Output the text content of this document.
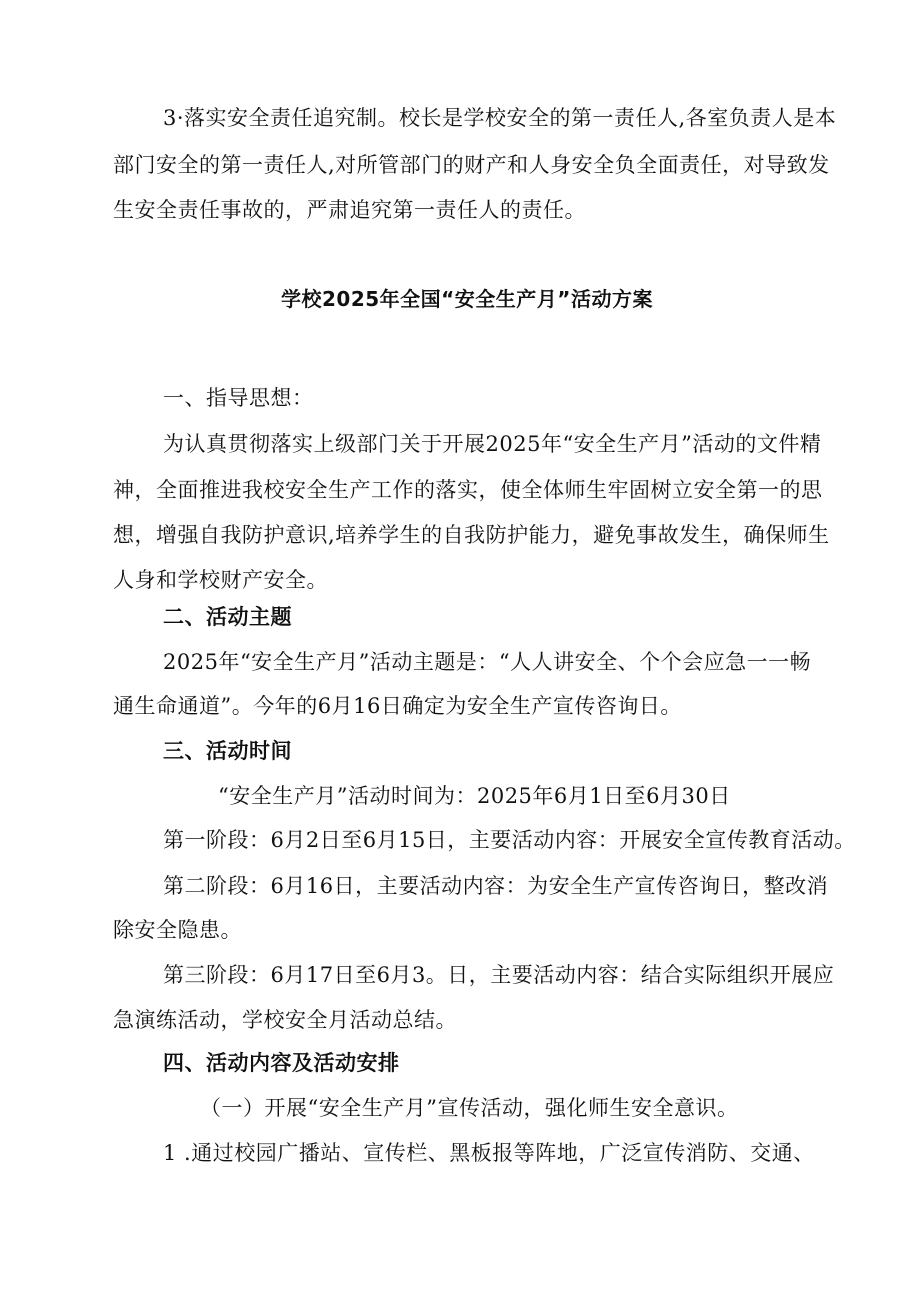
3·落实安全责任追究制。校长是学校安全的第一责任人,各室负责人是本
部门安全的第一责任人,对所管部门的财产和人身安全负全面责任，对导致发
生安全责任事故的，严肃追究第一责任人的责任。
学校2025年全国“安全生产月”活动方案
一、指导思想：
为认真贯彻落实上级部门关于开展2025年“安全生产月”活动的文件精
神，全面推进我校安全生产工作的落实，使全体师生牢固树立安全第一的思
想，增强自我防护意识,培养学生的自我防护能力，避免事故发生，确保师生
人身和学校财产安全。
二、活动主题
2025年“安全生产月”活动主题是：“人人讲安全、个个会应急一一畅
通生命通道”。今年的6月16日确定为安全生产宣传咨询日。
三、活动时间
“安全生产月”活动时间为：2025年6月1日至6月30日
第一阶段：6月2日至6月15日，主要活动内容：开展安全宣传教育活动。
第二阶段：6月16日，主要活动内容：为安全生产宣传咨询日，整改消
除安全隐患。
第三阶段：6月17日至6月3。日，主要活动内容：结合实际组织开展应
急演练活动，学校安全月活动总结。
四、活动内容及活动安排
（一）开展“安全生产月”宣传活动，强化师生安全意识。
1 .通过校园广播站、宣传栏、黑板报等阵地，广泛宣传消防、交通、
